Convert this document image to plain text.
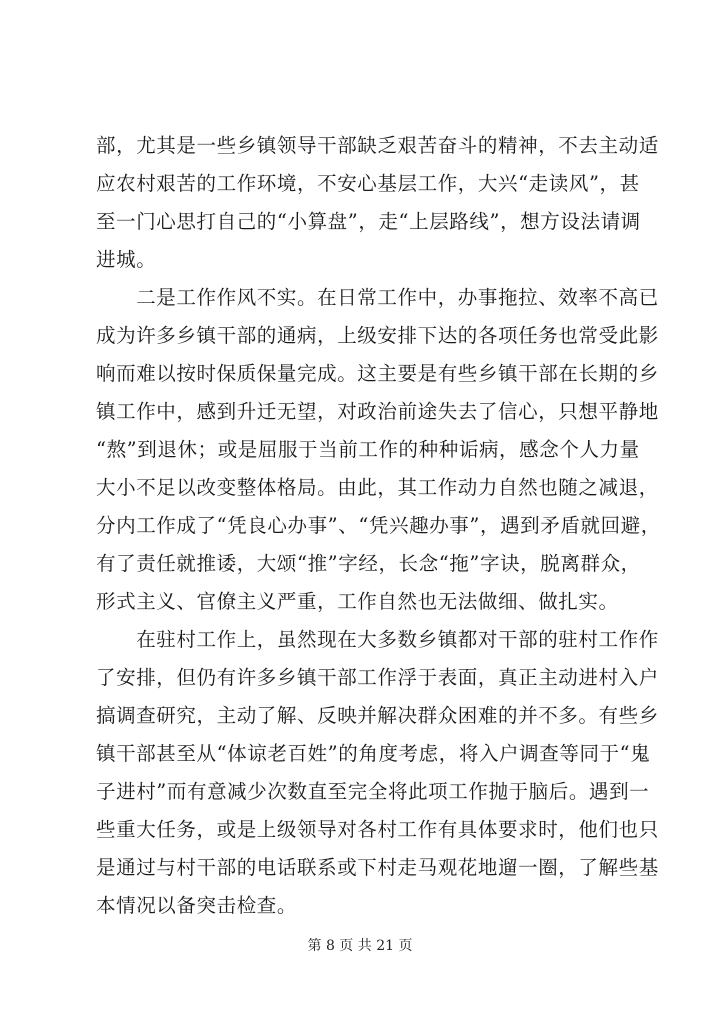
部，尤其是一些乡镇领导干部缺乏艰苦奋斗的精神，不去主动适
应农村艰苦的工作环境，不安心基层工作，大兴“走读风”，甚
至一门心思打自己的“小算盘”，走“上层路线”，想方设法请调
进城。
　　二是工作作风不实。在日常工作中，办事拖拉、效率不高已
成为许多乡镇干部的通病，上级安排下达的各项任务也常受此影
响而难以按时保质保量完成。这主要是有些乡镇干部在长期的乡
镇工作中，感到升迁无望，对政治前途失去了信心，只想平静地
“熬”到退休；或是屈服于当前工作的种种诟病，感念个人力量
大小不足以改变整体格局。由此，其工作动力自然也随之减退，
分内工作成了“凭良心办事”、“凭兴趣办事”，遇到矛盾就回避，
有了责任就推诿，大颂“推”字经，长念“拖”字诀，脱离群众，
形式主义、官僚主义严重，工作自然也无法做细、做扎实。
　　在驻村工作上，虽然现在大多数乡镇都对干部的驻村工作作
了安排，但仍有许多乡镇干部工作浮于表面，真正主动进村入户
搞调查研究，主动了解、反映并解决群众困难的并不多。有些乡
镇干部甚至从“体谅老百姓”的角度考虑，将入户调查等同于“鬼
子进村”而有意减少次数直至完全将此项工作抛于脑后。遇到一
些重大任务，或是上级领导对各村工作有具体要求时，他们也只
是通过与村干部的电话联系或下村走马观花地遛一圈，了解些基
本情况以备突击检查。
第 8 页 共 21 页
